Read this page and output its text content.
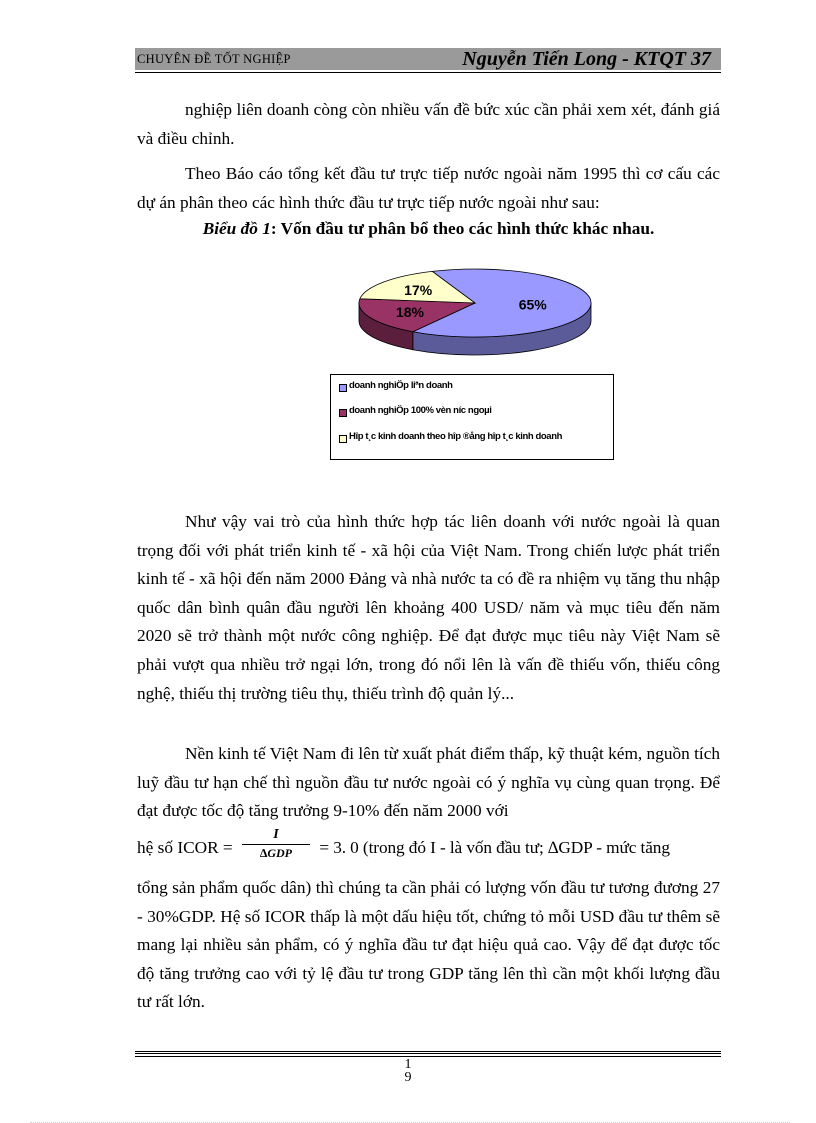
CHUYÊN ĐỀ TỐT NGHIỆP	Nguyễn Tiến Long - KTQT 37

nghiệp liên doanh còng còn nhiều vấn đề bức xúc cần phải xem xét, đánh giá và điều chỉnh.

Theo Báo cáo tổng kết đầu tư trực tiếp nước ngoài năm 1995 thì cơ cấu các dự án phân theo các hình thức đầu tư trực tiếp nước ngoài như sau:

Biểu đồ 1: Vốn đầu tư phân bổ theo các hình thức khác nhau.

65%
18%
17%
doanh nghiÖp liªn doanh
doanh nghiÖp 100% vèn níc ngoµi
Hîp t¸c kinh doanh theo hîp ®ång hîp t¸c kinh doanh

Như vậy vai trò của hình thức hợp tác liên doanh với nước ngoài là quan trọng đối với phát triển kinh tế - xã hội của Việt Nam. Trong chiến lược phát triển kinh tế - xã hội đến năm 2000 Đảng và nhà nước ta có đề ra nhiệm vụ tăng thu nhập quốc dân bình quân đầu người lên khoảng 400 USD/ năm và mục tiêu đến năm 2020 sẽ trở thành một nước công nghiệp. Để đạt được mục tiêu này Việt Nam sẽ phải vượt qua nhiều trở ngại lớn, trong đó nổi lên là vấn đề thiếu vốn, thiếu công nghệ, thiếu thị trường tiêu thụ, thiếu trình độ quản lý...

Nền kinh tế Việt Nam đi lên từ xuất phát điểm thấp, kỹ thuật kém, nguồn tích luỹ đầu tư hạn chế thì nguồn đầu tư nước ngoài có ý nghĩa vụ cùng quan trọng. Để đạt được tốc độ tăng trưởng 9-10% đến năm 2000 với

hệ số ICOR =	= 3. 0 (trong đó I - là vốn đầu tư; ∆GDP - mức tăng
I
∆GDP

tổng sản phẩm quốc dân) thì chúng ta cần phải có lượng vốn đầu tư tương đương 27 - 30%GDP. Hệ số ICOR thấp là một dấu hiệu tốt, chứng tỏ mỗi USD đầu tư thêm sẽ mang lại nhiều sản phẩm, có ý nghĩa đầu tư đạt hiệu quả cao. Vậy để đạt được tốc độ tăng trưởng cao với tỷ lệ đầu tư trong GDP tăng lên thì cần một khối lượng đầu tư rất lớn.

1
9
